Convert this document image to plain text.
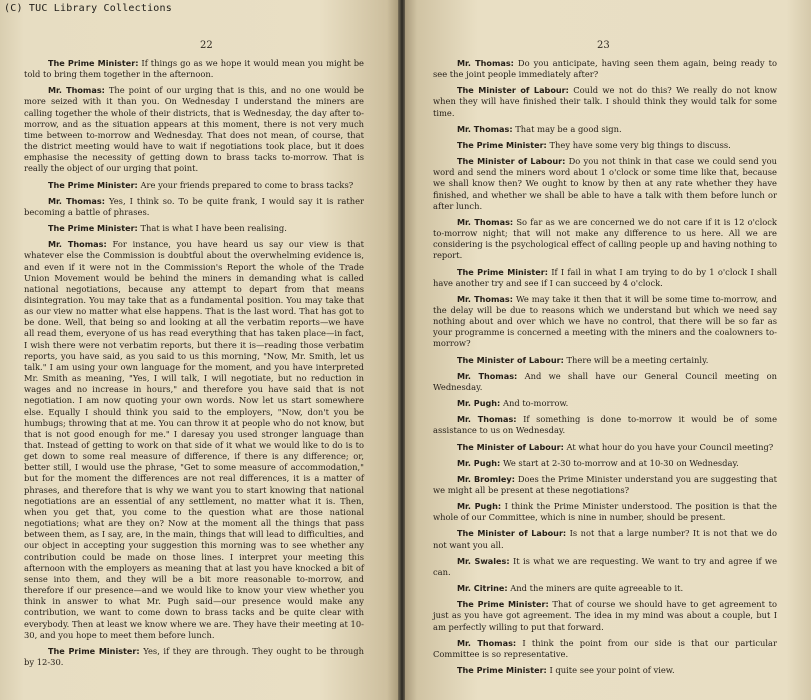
(C) TUC Library Collections
22

The Prime Minister: If things go as we hope it would mean you might be told to bring them together in the afternoon.

Mr. Thomas: The point of our urging that is this, and no one would be more seized with it than you. On Wednesday I understand the miners are calling together the whole of their districts, that is Wednesday, the day after to-morrow, and as the situation appears at this moment, there is not very much time between to-morrow and Wednesday. That does not mean, of course, that the district meeting would have to wait if negotiations took place, but it does emphasise the necessity of getting down to brass tacks to-morrow. That is really the object of our urging that point.

The Prime Minister: Are your friends prepared to come to brass tacks?

Mr. Thomas: Yes, I think so. To be quite frank, I would say it is rather becoming a battle of phrases.

The Prime Minister: That is what I have been realising.

Mr. Thomas: For instance, you have heard us say our view is that whatever else the Commission is doubtful about the overwhelming evidence is, and even if it were not in the Commission's Report the whole of the Trade Union Movement would be behind the miners in demanding what is called national negotiations, because any attempt to depart from that means disintegration. You may take that as a fundamental position. You may take that as our view no matter what else happens. That is the last word. That has got to be done. Well, that being so and looking at all the verbatim reports—we have all read them, everyone of us has read everything that has taken place—in fact, I wish there were not verbatim reports, but there it is—reading those verbatim reports, you have said, as you said to us this morning, "Now, Mr. Smith, let us talk." I am using your own language for the moment, and you have interpreted Mr. Smith as meaning, "Yes, I will talk, I will negotiate, but no reduction in wages and no increase in hours," and therefore you have said that is not negotiation. I am now quoting your own words. Now let us start somewhere else. Equally I should think you said to the employers, "Now, don't you be humbugs; throwing that at me. You can throw it at people who do not know, but that is not good enough for me." I daresay you used stronger language than that. Instead of getting to work on that side of it what we would like to do is to get down to some real measure of difference, if there is any difference; or, better still, I would use the phrase, "Get to some measure of accommodation," but for the moment the differences are not real differences, it is a matter of phrases, and therefore that is why we want you to start knowing that national negotiations are an essential of any settlement, no matter what it is. Then, when you get that, you come to the question what are those national negotiations; what are they on? Now at the moment all the things that pass between them, as I say, are, in the main, things that will lead to difficulties, and our object in accepting your suggestion this morning was to see whether any contribution could be made on those lines. I interpret your meeting this afternoon with the employers as meaning that at last you have knocked a bit of sense into them, and they will be a bit more reasonable to-morrow, and therefore if our presence—and we would like to know your view whether you think in answer to what Mr. Pugh said—our presence would make any contribution, we want to come down to brass tacks and be quite clear with everybody. Then at least we know where we are. They have their meeting at 10-30, and you hope to meet them before lunch.

The Prime Minister: Yes, if they are through. They ought to be through by 12-30.

23

Mr. Thomas: Do you anticipate, having seen them again, being ready to see the joint people immediately after?

The Minister of Labour: Could we not do this? We really do not know when they will have finished their talk. I should think they would talk for some time.

Mr. Thomas: That may be a good sign.

The Prime Minister: They have some very big things to discuss.

The Minister of Labour: Do you not think in that case we could send you word and send the miners word about 1 o'clock or some time like that, because we shall know then? We ought to know by then at any rate whether they have finished, and whether we shall be able to have a talk with them before lunch or after lunch.

Mr. Thomas: So far as we are concerned we do not care if it is 12 o'clock to-morrow night; that will not make any difference to us here. All we are considering is the psychological effect of calling people up and having nothing to report.

The Prime Minister: If I fail in what I am trying to do by 1 o'clock I shall have another try and see if I can succeed by 4 o'clock.

Mr. Thomas: We may take it then that it will be some time to-morrow, and the delay will be due to reasons which we understand but which we need say nothing about and over which we have no control, that there will be so far as your programme is concerned a meeting with the miners and the coalowners to-morrow?

The Minister of Labour: There will be a meeting certainly.

Mr. Thomas: And we shall have our General Council meeting on Wednesday.

Mr. Pugh: And to-morrow.

Mr. Thomas: If something is done to-morrow it would be of some assistance to us on Wednesday.

The Minister of Labour: At what hour do you have your Council meeting?

Mr. Pugh: We start at 2-30 to-morrow and at 10-30 on Wednesday.

Mr. Bromley: Does the Prime Minister understand you are suggesting that we might all be present at these negotiations?

Mr. Pugh: I think the Prime Minister understood. The position is that the whole of our Committee, which is nine in number, should be present.

The Minister of Labour: Is not that a large number? It is not that we do not want you all.

Mr. Swales: It is what we are requesting. We want to try and agree if we can.

Mr. Citrine: And the miners are quite agreeable to it.

The Prime Minister: That of course we should have to get agreement to just as you have got agreement. The idea in my mind was about a couple, but I am perfectly willing to put that forward.

Mr. Thomas: I think the point from our side is that our particular Committee is so representative.

The Prime Minister: I quite see your point of view.
